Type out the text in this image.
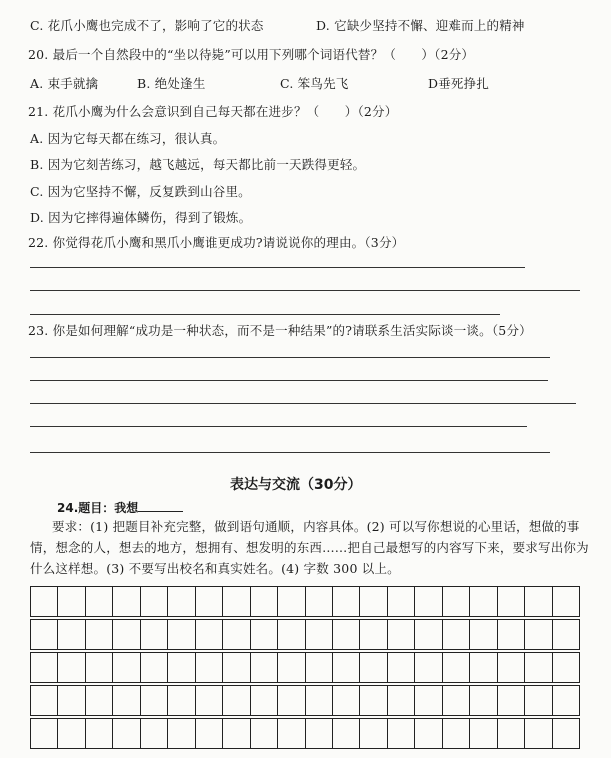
C. 花爪小鹰也完成不了，影响了它的状态	D. 它缺少坚持不懈、迎难而上的精神
20. 最后一个自然段中的“坐以待毙”可以用下列哪个词语代替？（　　）（2分）
A. 束手就擒	B. 绝处逢生	C. 笨鸟先飞	D垂死挣扎
21. 花爪小鹰为什么会意识到自己每天都在进步？（　　）（2分）
A. 因为它每天都在练习，很认真。
B. 因为它刻苦练习，越飞越远，每天都比前一天跌得更轻。
C. 因为它坚持不懈，反复跌到山谷里。
D. 因为它摔得遍体鳞伤，得到了锻炼。
22. 你觉得花爪小鹰和黑爪小鹰谁更成功?请说说你的理由。（3分）
23. 你是如何理解“成功是一种状态，而不是一种结果”的?请联系生活实际谈一谈。（5分）
表达与交流（30分）
24.题目：我想
要求：(1) 把题目补充完整，做到语句通顺，内容具体。(2) 可以写你想说的心里话，想做的事情，想念的人，想去的地方，想拥有、想发明的东西……把自己最想写的内容写下来，要求写出你为什么这样想。(3) 不要写出校名和真实姓名。(4) 字数 300 以上。
